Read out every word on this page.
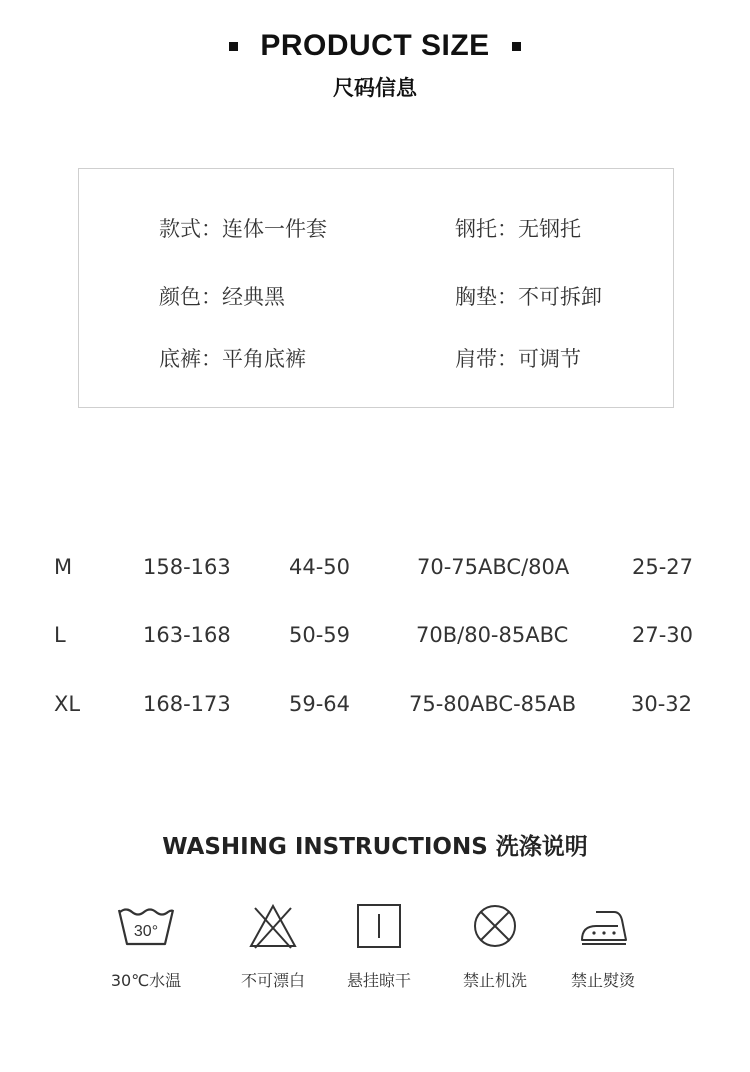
PRODUCT SIZE
尺码信息
款式：连体一件套	钢托：无钢托
颜色：经典黑	胸垫：不可拆卸
底裤：平角底裤	肩带：可调节
M	158-163	44-50	70-75ABC/80A	25-27
L	163-168	50-59	70B/80-85ABC	27-30
XL	168-173	59-64	75-80ABC-85AB	30-32
WASHING INSTRUCTIONS 洗涤说明
30°
30℃水温	不可漂白	悬挂晾干	禁止机洗	禁止熨烫
